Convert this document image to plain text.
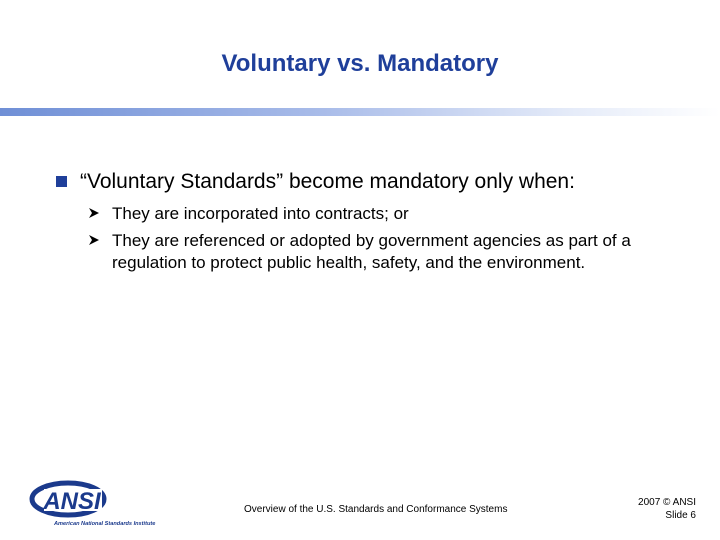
Voluntary vs. Mandatory
“Voluntary Standards” become mandatory only when:
They are incorporated into contracts; or
They are referenced or adopted by government agencies as part of a regulation to protect public health, safety, and the environment.
ANSI
American National Standards Institute
Overview of the U.S. Standards and Conformance Systems
2007 © ANSI
Slide 6
